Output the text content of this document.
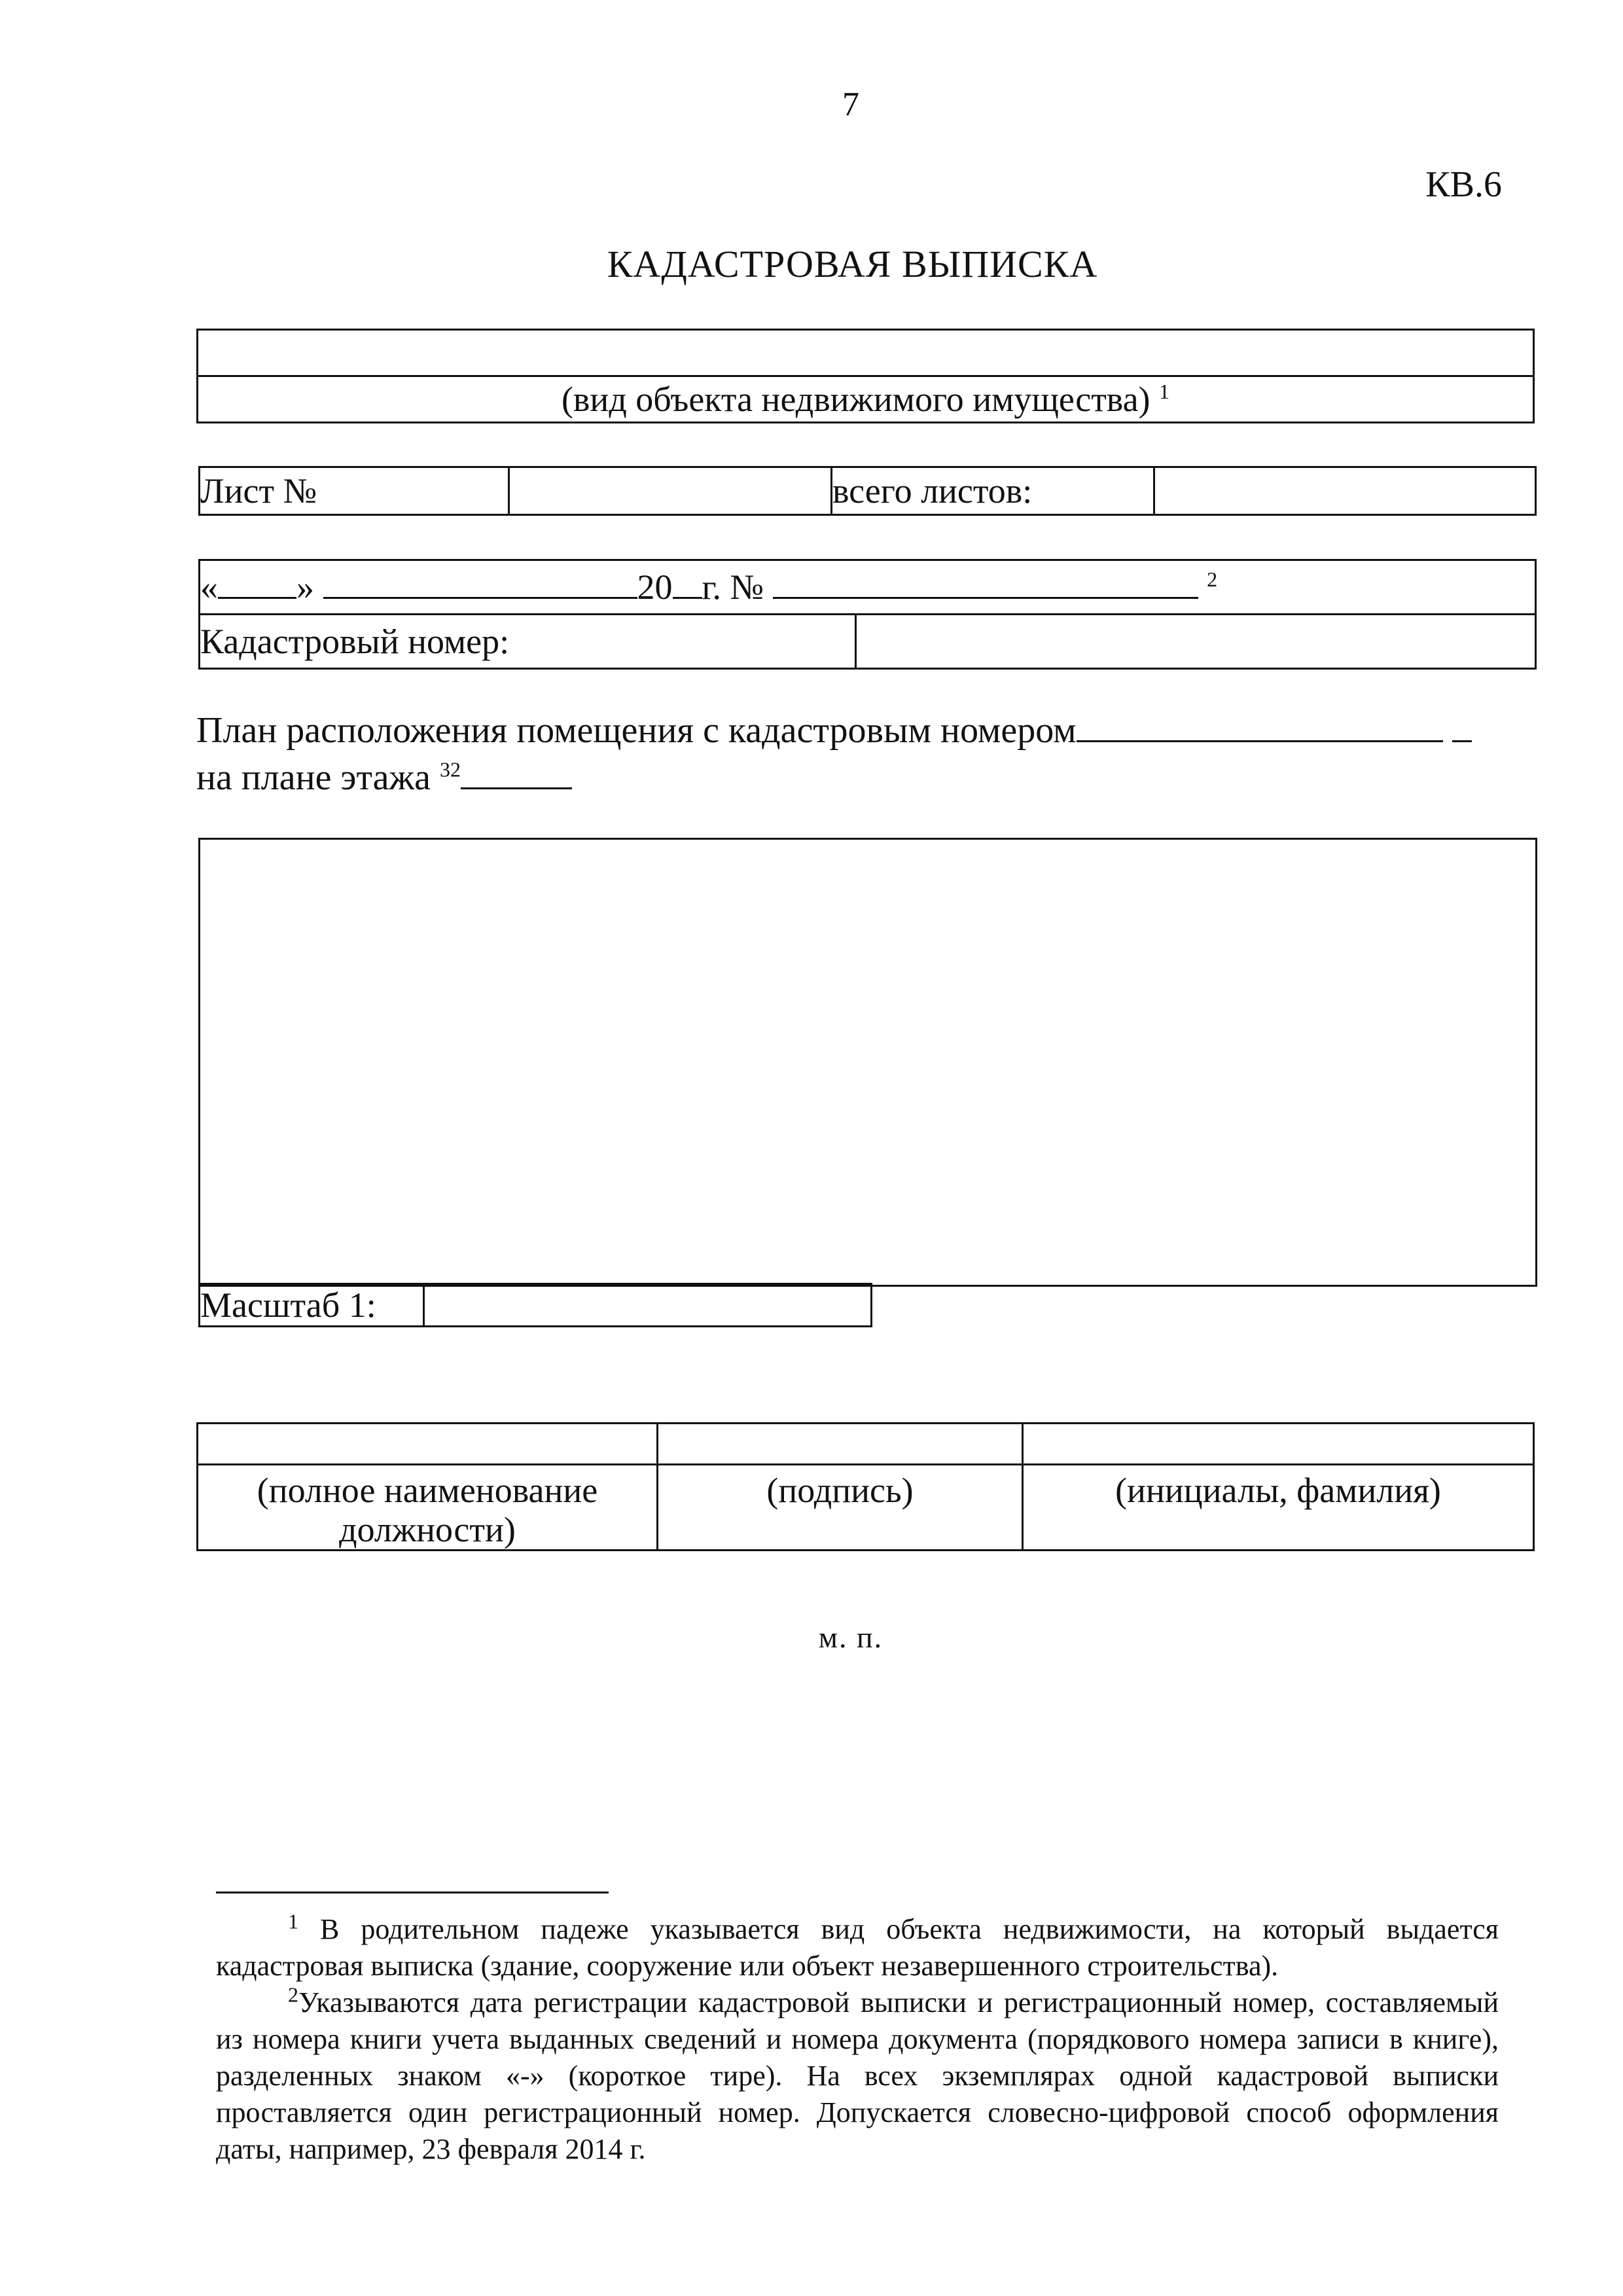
7
КВ.6
КАДАСТРОВАЯ ВЫПИСКА

(вид объекта недвижимого имущества) $^1$
Лист №		всего листов:	
« »	20 г. №	$^2$
Кадастровый номер:	
План расположения помещения с кадастровым номером
на плане этажа $^{32}$
Масштаб 1:	

(полное наименование должности)	(подпись)	(инициалы, фамилия)
м. п.

$^1$ В родительном падеже указывается вид объекта недвижимости, на который выдается кадастровая выписка (здание, сооружение или объект незавершенного строительства).

$^2$Указываются дата регистрации кадастровой выписки и регистрационный номер, составляемый из номера книги учета выданных сведений и номера документа (порядкового номера записи в книге), разделенных знаком «-» (короткое тире). На всех экземплярах одной кадастровой выписки проставляется один регистрационный номер. Допускается словесно-цифровой способ оформления даты, например, 23 февраля 2014 г.
